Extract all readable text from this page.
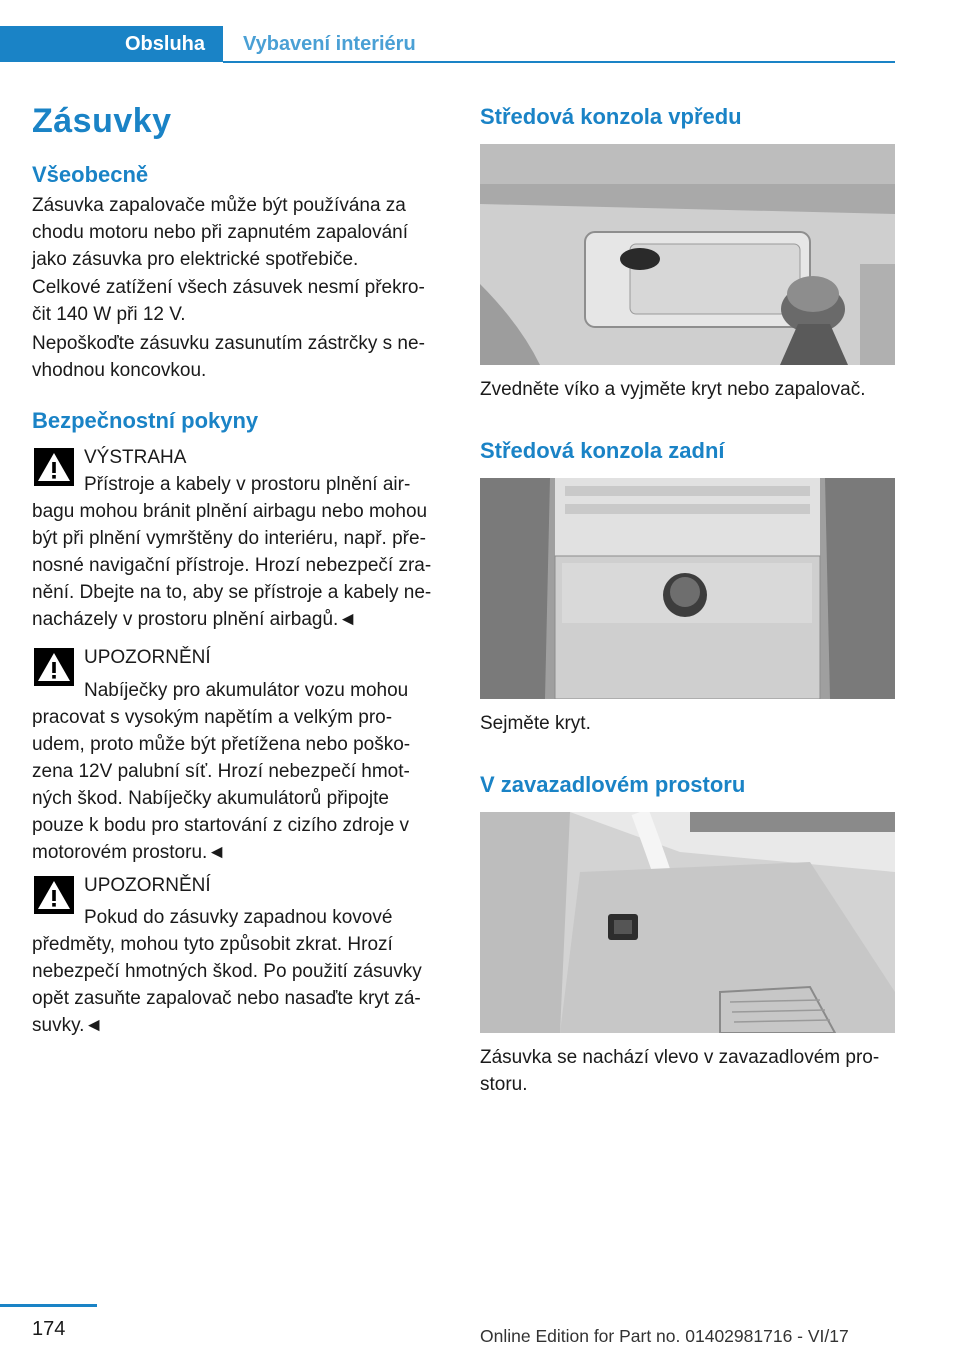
Obsluha	Vybavení interiéru
Zásuvky
Všeobecně

Zásuvka zapalovače může být používána za
chodu motoru nebo při zapnutém zapalování
jako zásuvka pro elektrické spotřebiče.

Celkové zatížení všech zásuvek nesmí překro‐
čit 140 W při 12 V.

Nepoškoďte zásuvku zasunutím zástrčky s ne‐
vhodnou koncovkou.

Bezpečnostní pokyny
VÝSTRAHA
Přístroje a kabely v prostoru plnění air‐

bagu mohou bránit plnění airbagu nebo mohou
být při plnění vymrštěny do interiéru, např. pře‐
nosné navigační přístroje. Hrozí nebezpečí zra‐
nění. Dbejte na to, aby se přístroje a kabely ne‐
nacházely v prostoru plnění airbagů.◄

UPOZORNĚNÍ
Nabíječky pro akumulátor vozu mohou

pracovat s vysokým napětím a velkým pro‐
udem, proto může být přetížena nebo poško‐
zena 12V palubní síť. Hrozí nebezpečí hmot‐
ných škod. Nabíječky akumulátorů připojte
pouze k bodu pro startování z cizího zdroje v
motorovém prostoru.◄

UPOZORNĚNÍ
Pokud do zásuvky zapadnou kovové

předměty, mohou tyto způsobit zkrat. Hrozí
nebezpečí hmotných škod. Po použití zásuvky
opět zasuňte zapalovač nebo nasaďte kryt zá‐
suvky.◄

Středová konzola vpředu
Zvedněte víko a vyjměte kryt nebo zapalovač.
Středová konzola zadní
Sejměte kryt.
V zavazadlovém prostoru

Zásuvka se nachází vlevo v zavazadlovém pro‐
storu.

174	Online Edition for Part no. 01402981716 - VI/17
